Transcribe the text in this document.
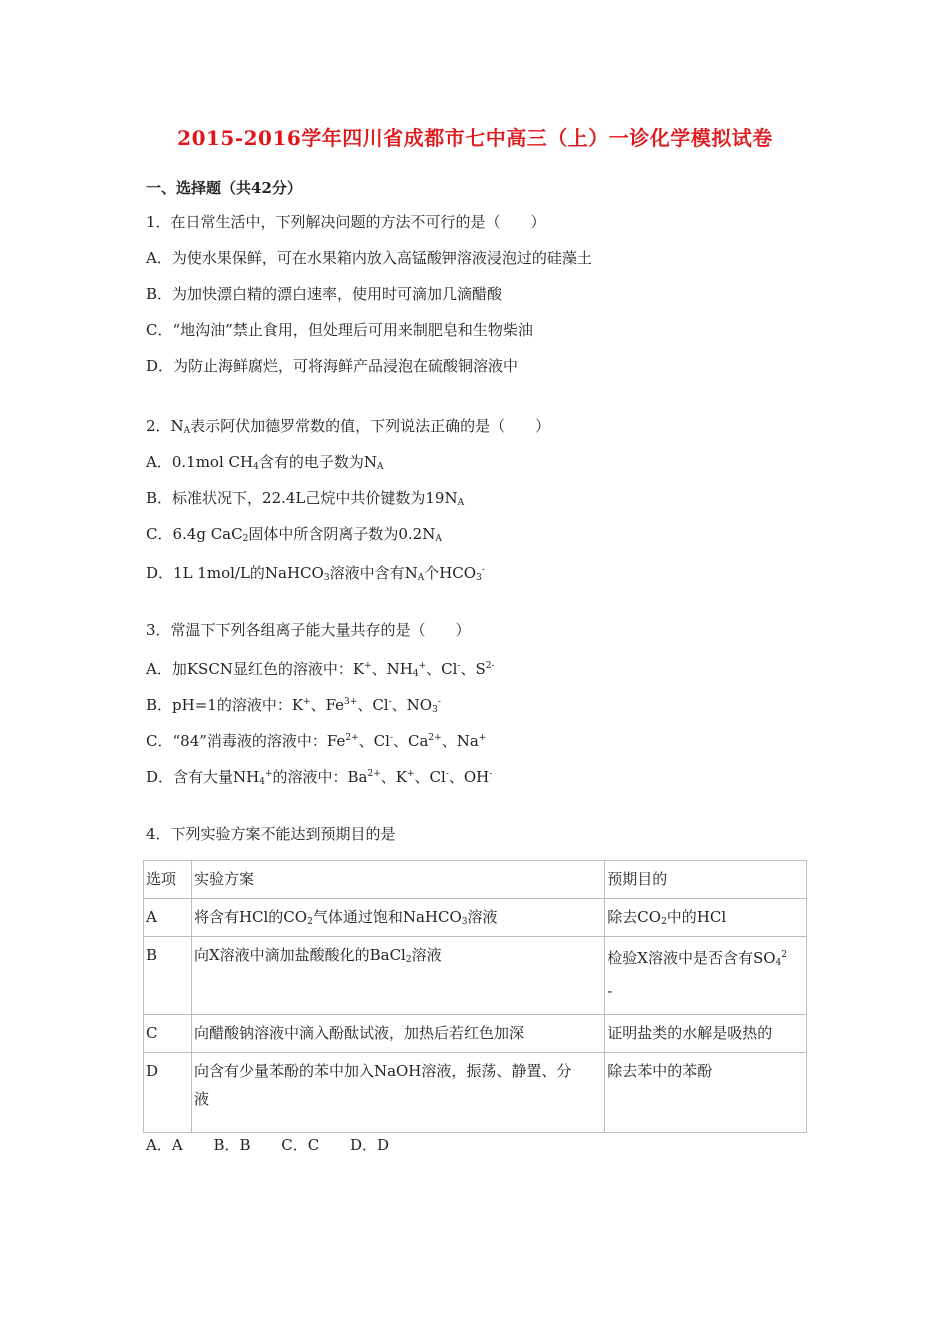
2015-2016学年四川省成都市七中高三（上）一诊化学模拟试卷
一、选择题（共42分）
1．在日常生活中，下列解决问题的方法不可行的是（　　）
A．为使水果保鲜，可在水果箱内放入高锰酸钾溶液浸泡过的硅藻土
B．为加快漂白精的漂白速率，使用时可滴加几滴醋酸
C．“地沟油”禁止食用，但处理后可用来制肥皂和生物柴油
D．为防止海鲜腐烂，可将海鲜产品浸泡在硫酸铜溶液中
2．$N_A$表示阿伏加德罗常数的值，下列说法正确的是（　　）
A．0.1mol $CH_4$含有的电子数为$N_A$
B．标准状况下，22.4L己烷中共价键数为$19N_A$
C．6.4g CaC$_2$固体中所含阴离子数为$0.2N_A$
D．1L 1mol/L的NaHCO$_3$溶液中含有$N_A$个$HCO_3^-$
3．常温下下列各组离子能大量共存的是（　　）
A．加KSCN显红色的溶液中：K+、$NH_4^+$、Cl-、$S^{2-}$
B．pH=1的溶液中：K+、$Fe^{3+}$、Cl-、$NO_3^-$
C．“84”消毒液的溶液中：$Fe^{2+}$、Cl-、$Ca^{2+}$、Na+
D．含有大量$NH_4^+$的溶液中：$Ba^{2+}$、K+、Cl-、OH-
4．下列实验方案不能达到预期目的是
选项	实验方案	预期目的
A	将含有HCl的$CO_2$气体通过饱和NaHCO$_3$溶液	除去$CO_2$中的HCl
B	向X溶液中滴加盐酸酸化的BaCl$_2$溶液	检验X溶液中是否含有$SO_4^2$
-
C	向醋酸钠溶液中滴入酚酞试液，加热后若红色加深	证明盐类的水解是吸热的
D	向含有少量苯酚的苯中加入NaOH溶液，振荡、静置、分
液	除去苯中的苯酚
A．A B．B C．C D．D
